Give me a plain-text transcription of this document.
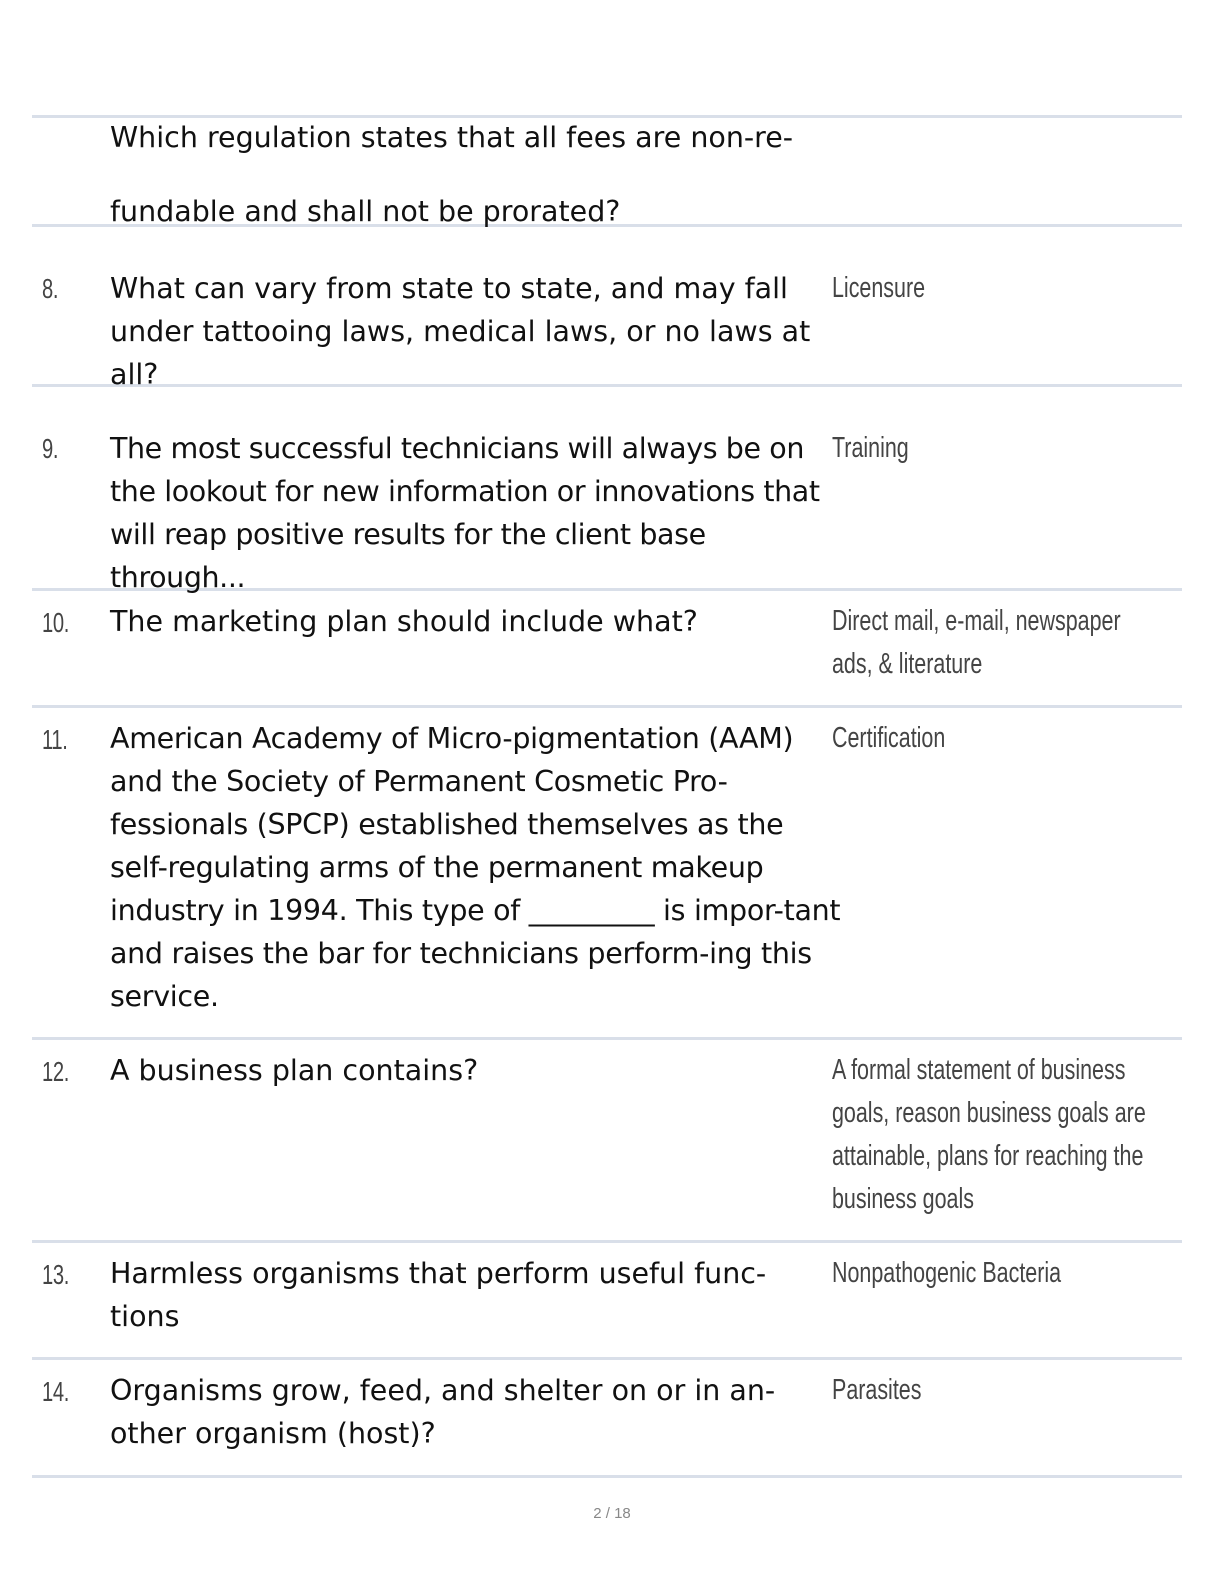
Which regulation states that all fees are non-re-

fundable and shall not be prorated?
8. What can vary from state to state, and may fall under tattooing laws, medical laws, or no laws at all?
Licensure
9. The most successful technicians will always be on the lookout for new information or innovations that will reap positive results for the client base through...
Training
10. The marketing plan should include what?	Direct mail, e-mail, newspaper ads, & literature
11. American Academy of Micro-pigmentation (AAM) and the Society of Permanent Cosmetic Pro-fessionals (SPCP) established themselves as the self-regulating arms of the permanent makeup industry in 1994. This type of _________ is impor-tant and raises the bar for technicians perform-ing this service.
Certification
12. A business plan contains?	A formal statement of business goals, reason business goals are attainable, plans for reaching the business goals
13. Harmless organisms that perform useful func-tions
Nonpathogenic Bacteria
14. Organisms grow, feed, and shelter on or in an-other organism (host)?
Parasites
2 / 18
